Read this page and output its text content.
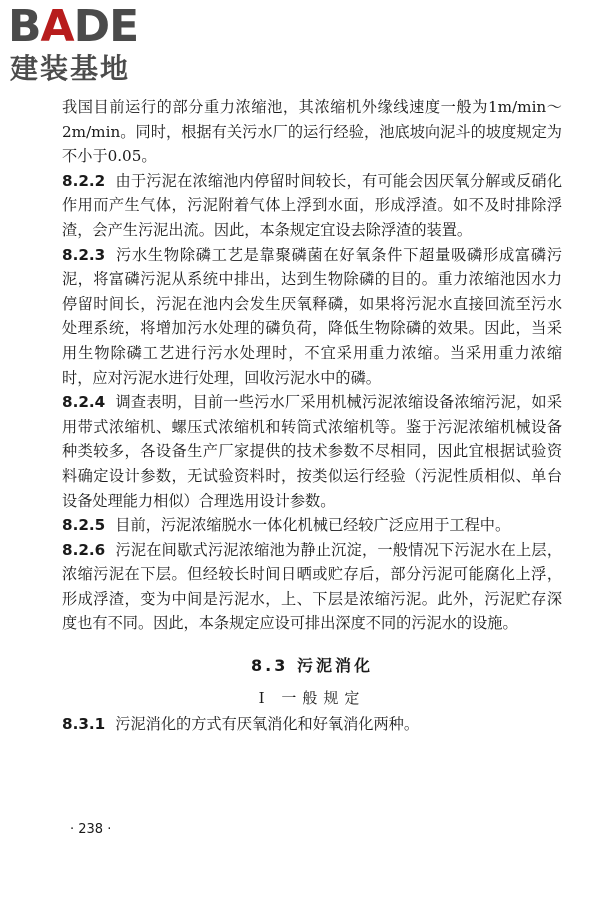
BADE
建装基地

我国目前运行的部分重力浓缩池，其浓缩机外缘线速度一般为1m/min～2m/min。同时，根据有关污水厂的运行经验，池底坡向泥斗的坡度规定为不小于0.05。

8.2.2 由于污泥在浓缩池内停留时间较长，有可能会因厌氧分解或反硝化作用而产生气体，污泥附着气体上浮到水面，形成浮渣。如不及时排除浮渣，会产生污泥出流。因此，本条规定宜设去除浮渣的装置。

8.2.3 污水生物除磷工艺是靠聚磷菌在好氧条件下超量吸磷形成富磷污泥，将富磷污泥从系统中排出，达到生物除磷的目的。重力浓缩池因水力停留时间长，污泥在池内会发生厌氧释磷，如果将污泥水直接回流至污水处理系统，将增加污水处理的磷负荷，降低生物除磷的效果。因此，当采用生物除磷工艺进行污水处理时，不宜采用重力浓缩。当采用重力浓缩时，应对污泥水进行处理，回收污泥水中的磷。

8.2.4 调查表明，目前一些污水厂采用机械污泥浓缩设备浓缩污泥，如采用带式浓缩机、螺压式浓缩机和转筒式浓缩机等。鉴于污泥浓缩机械设备种类较多，各设备生产厂家提供的技术参数不尽相同，因此宜根据试验资料确定设计参数，无试验资料时，按类似运行经验（污泥性质相似、单台设备处理能力相似）合理选用设计参数。

8.2.5 目前，污泥浓缩脱水一体化机械已经较广泛应用于工程中。

8.2.6 污泥在间歇式污泥浓缩池为静止沉淀，一般情况下污泥水在上层，浓缩污泥在下层。但经较长时间日晒或贮存后，部分污泥可能腐化上浮，形成浮渣，变为中间是污泥水，上、下层是浓缩污泥。此外，污泥贮存深度也有不同。因此，本条规定应设可排出深度不同的污泥水的设施。

8.3 污泥消化
Ⅰ 一般规定

8.3.1 污泥消化的方式有厌氧消化和好氧消化两种。

· 238 ·
